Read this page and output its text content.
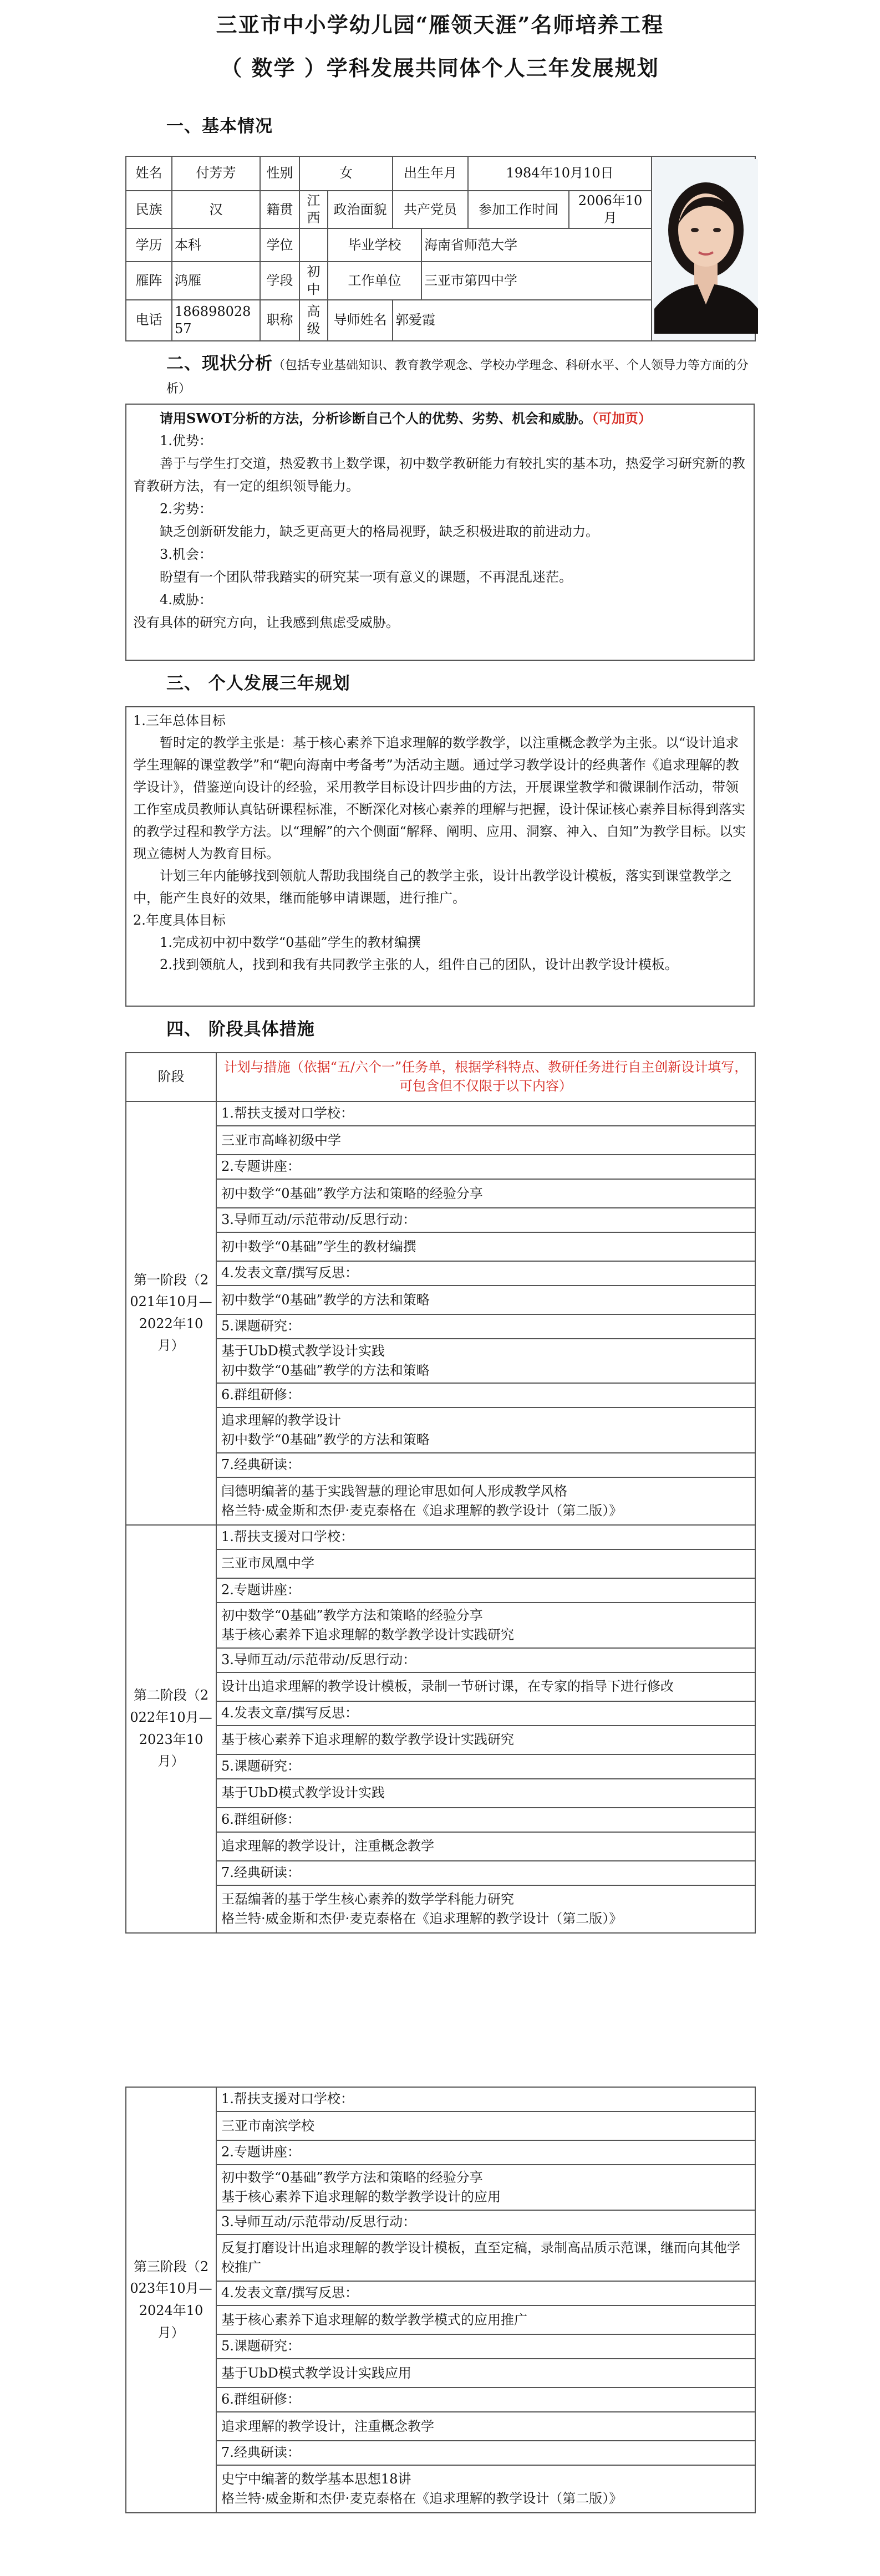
三亚市中小学幼儿园“雁领天涯”名师培养工程
（ 数学 ）学科发展共同体个人三年发展规划
一、基本情况
姓名	付芳芳	性别	女		出生年月		1984年10月10日	
民族	汉	籍贯	江西	政治面貌	共产党员		参加工作时间	2006年10月	
学历	本科	学位		毕业学校		海南省师范大学			
雁阵	鸿雁	学段	初中	工作单位		三亚市第四中学			
电话	18689802857	职称	高级	导师姓名	郭爱霞				
二、现状分析（包括专业基础知识、教育教学观念、学校办学理念、科研水平、个人领导力等方面的分析）

请用SWOT分析的方法，分析诊断自己个人的优势、劣势、机会和威胁。（可加页）

1.优势：

善于与学生打交道，热爱教书上数学课，初中数学教研能力有较扎实的基本功，热爱学习研究新的教育教研方法，有一定的组织领导能力。

2.劣势：

缺乏创新研发能力，缺乏更高更大的格局视野，缺乏积极进取的前进动力。

3.机会：

盼望有一个团队带我踏实的研究某一项有意义的课题，不再混乱迷茫。

4.威胁：

没有具体的研究方向，让我感到焦虑受威胁。

三、 个人发展三年规划

1.三年总体目标

暂时定的教学主张是：基于核心素养下追求理解的数学教学，以注重概念教学为主张。以“设计追求学生理解的课堂教学”和“靶向海南中考备考”为活动主题。通过学习教学设计的经典著作《追求理解的教学设计》，借鉴逆向设计的经验，采用教学目标设计四步曲的方法，开展课堂教学和微课制作活动，带领工作室成员教师认真钻研课程标准，不断深化对核心素养的理解与把握，设计保证核心素养目标得到落实的教学过程和教学方法。以“理解”的六个侧面“解释、阐明、应用、洞察、神入、自知”为教学目标。以实现立德树人为教育目标。

计划三年内能够找到领航人帮助我围绕自己的教学主张，设计出教学设计模板，落实到课堂教学之中，能产生良好的效果，继而能够申请课题，进行推广。

2.年度具体目标

1.完成初中初中数学“0基础”学生的教材编撰

2.找到领航人，找到和我有共同教学主张的人，组件自己的团队，设计出教学设计模板。

四、 阶段具体措施
阶段	计划与措施（依据“五/六个一”任务单，根据学科特点、教研任务进行自主创新设计填写，可包含但不仅限于以下内容）
第一阶段（2021年10月—2022年10月）	1.帮扶支援对口学校：
	三亚市高峰初级中学
	2.专题讲座：
	初中数学“0基础”教学方法和策略的经验分享
	3.导师互动/示范带动/反思行动：
	初中数学“0基础”学生的教材编撰
	4.发表文章/撰写反思：
	初中数学“0基础”教学的方法和策略
	5.课题研究：
	基于UbD模式教学设计实践
初中数学“0基础”教学的方法和策略
	6.群组研修：
	追求理解的教学设计
初中数学“0基础”教学的方法和策略
	7.经典研读：
	闫德明编著的基于实践智慧的理论审思如何人形成教学风格
格兰特·威金斯和杰伊·麦克泰格在《追求理解的教学设计（第二版）》
第二阶段（2022年10月—2023年10月）	1.帮扶支援对口学校：
	三亚市凤凰中学
	2.专题讲座：
	初中数学“0基础”教学方法和策略的经验分享
基于核心素养下追求理解的数学教学设计实践研究
	3.导师互动/示范带动/反思行动：
	设计出追求理解的教学设计模板，录制一节研讨课，在专家的指导下进行修改
	4.发表文章/撰写反思：
	基于核心素养下追求理解的数学教学设计实践研究
	5.课题研究：
	基于UbD模式教学设计实践
	6.群组研修：
	追求理解的教学设计，注重概念教学
	7.经典研读：
	王磊编著的基于学生核心素养的数学学科能力研究
格兰特·威金斯和杰伊·麦克泰格在《追求理解的教学设计（第二版）》
第三阶段（2023年10月—2024年10月）	1.帮扶支援对口学校：
三亚市南滨学校
2.专题讲座：
初中数学“0基础”教学方法和策略的经验分享
基于核心素养下追求理解的数学教学设计的应用
3.导师互动/示范带动/反思行动：
反复打磨设计出追求理解的教学设计模板，直至定稿，录制高品质示范课，继而向其他学校推广
4.发表文章/撰写反思：
基于核心素养下追求理解的数学教学模式的应用推广
5.课题研究：
基于UbD模式教学设计实践应用
6.群组研修：
追求理解的教学设计，注重概念教学
7.经典研读：
史宁中编著的数学基本思想18讲
格兰特·威金斯和杰伊·麦克泰格在《追求理解的教学设计（第二版）》
